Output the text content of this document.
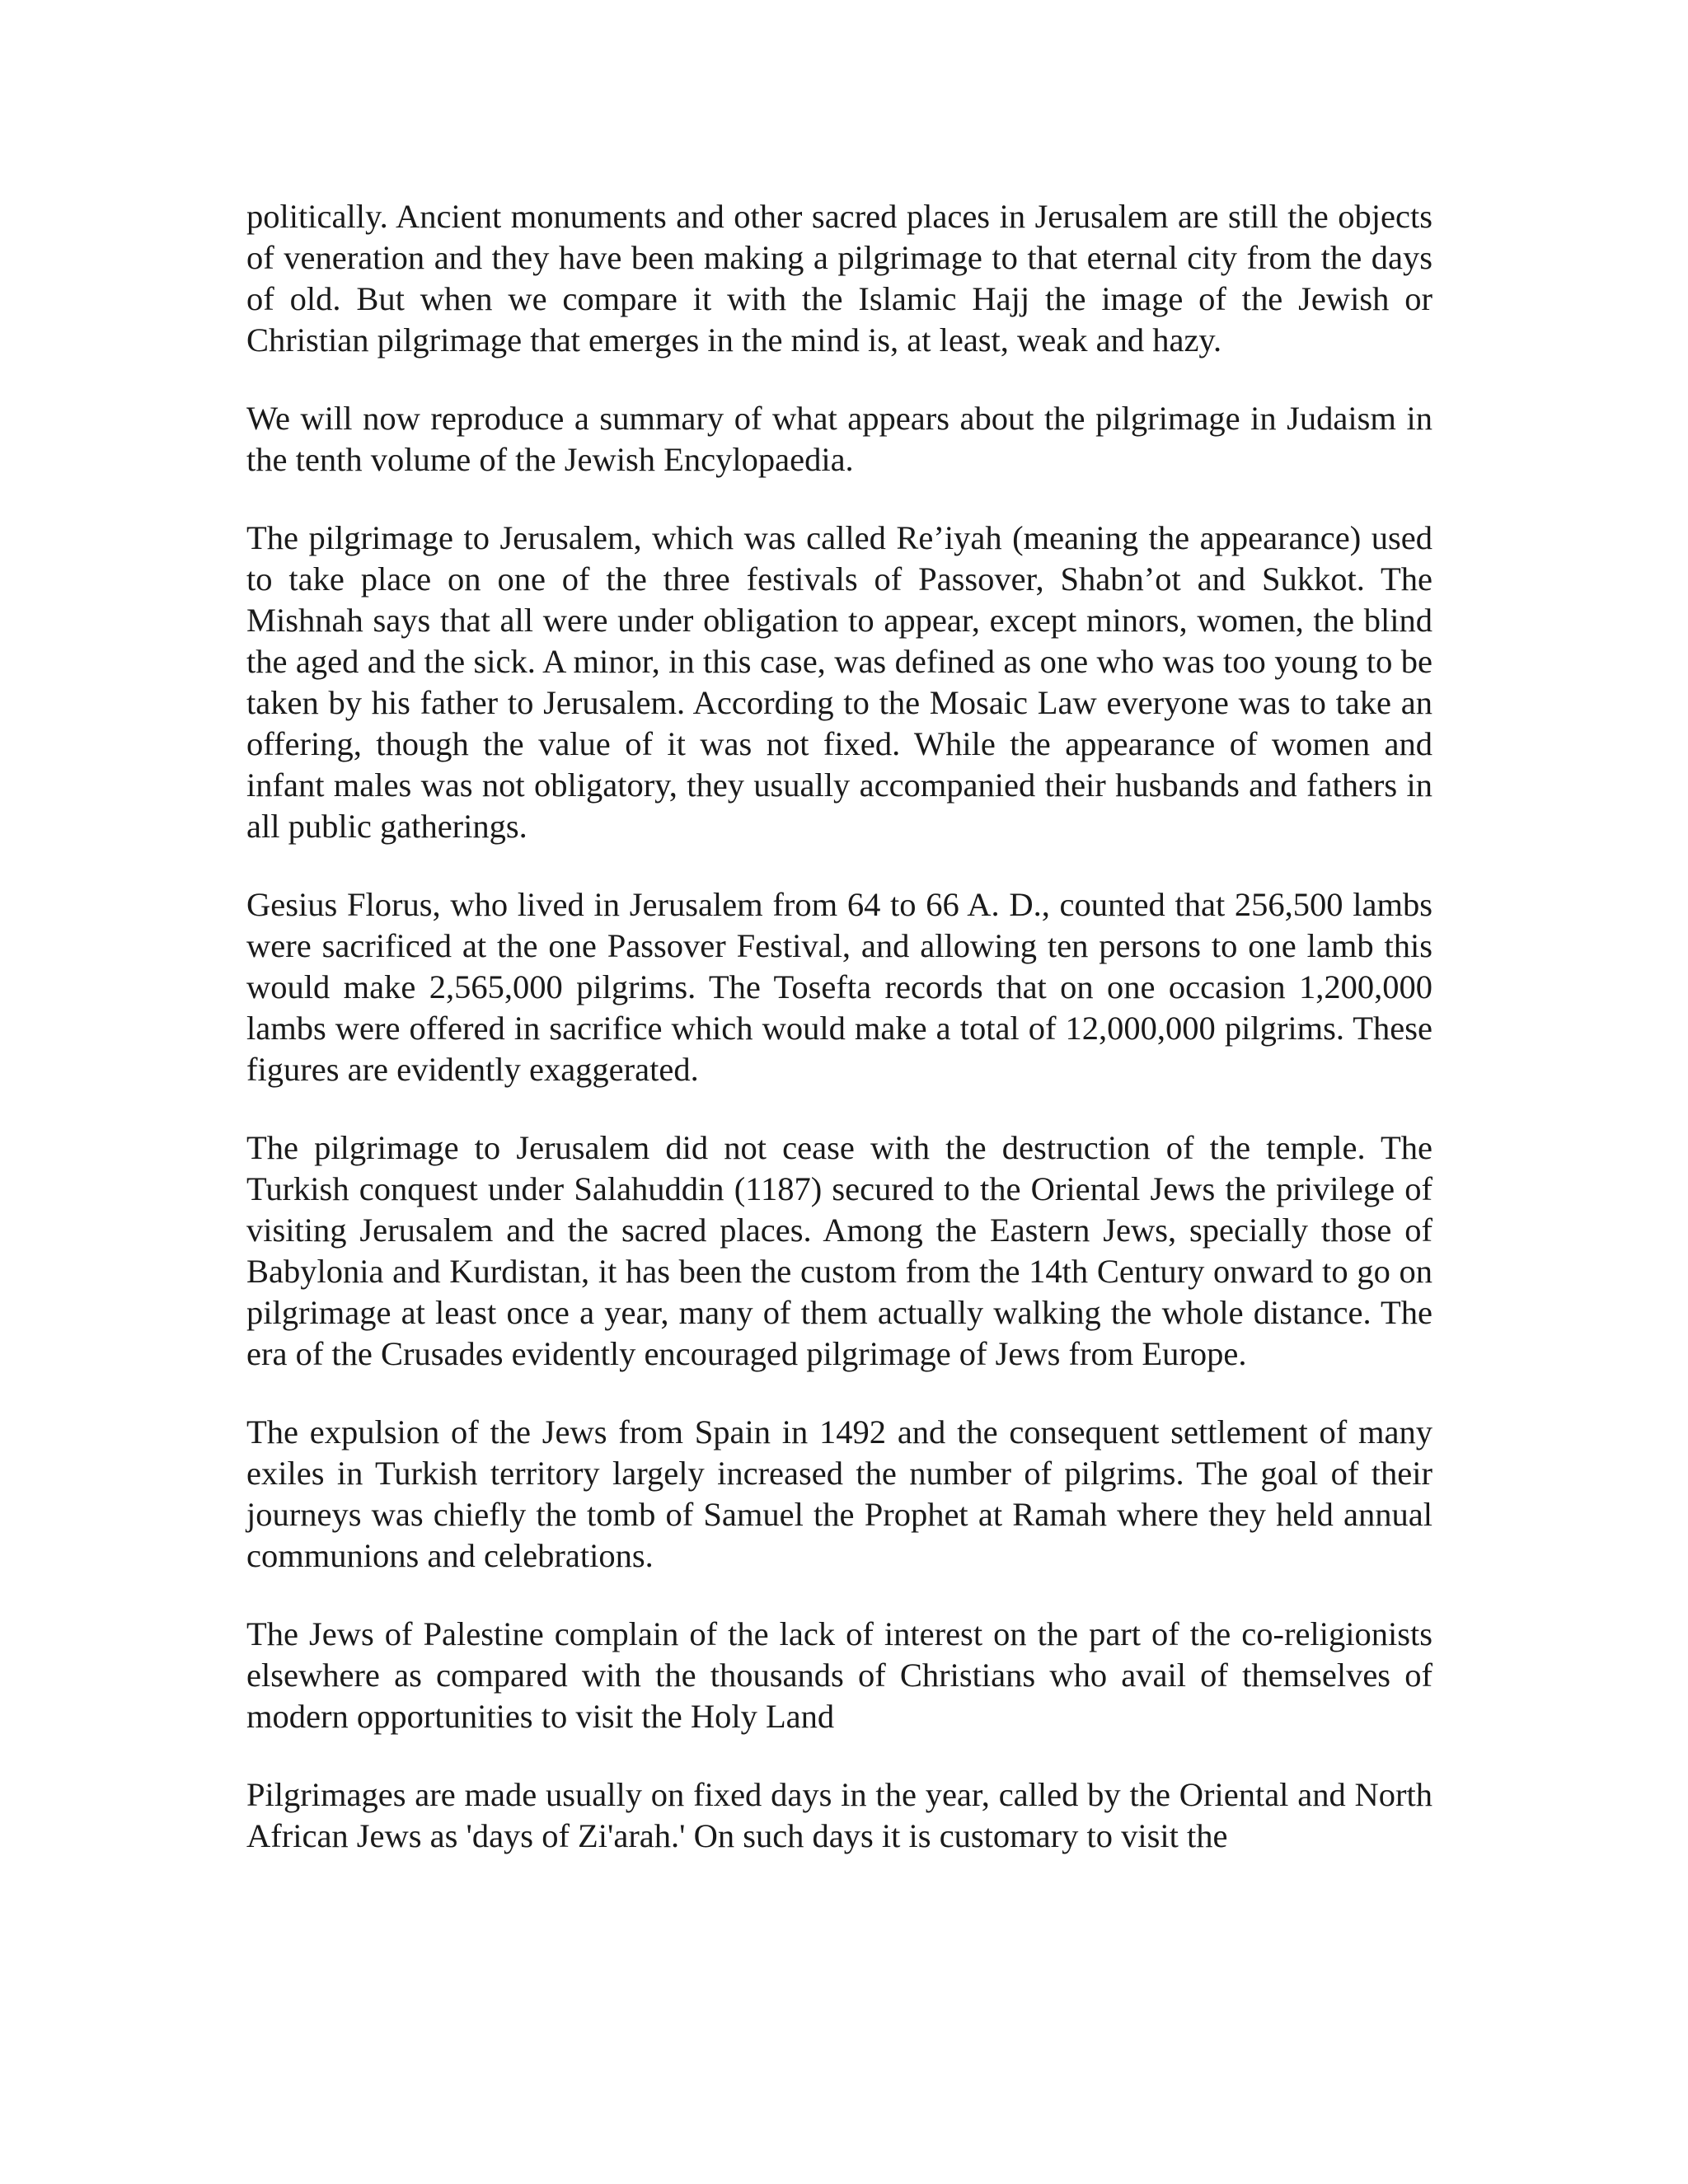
politically. Ancient monuments and other sacred places in Jerusalem are still the objects of veneration and they have been making a pilgrimage to that eternal city from the days of old. But when we compare it with the Islamic Hajj the image of the Jewish or Christian pilgrimage that emerges in the mind is, at least, weak and hazy.

We will now reproduce a summary of what appears about the pilgrimage in Judaism in the tenth volume of the Jewish Encylopaedia.

The pilgrimage to Jerusalem, which was called Re’iyah (meaning the appearance) used to take place on one of the three festivals of Passover, Shabn’ot and Sukkot. The Mishnah says that all were under obligation to appear, except minors, women, the blind the aged and the sick. A minor, in this case, was defined as one who was too young to be taken by his father to Jerusalem. According to the Mosaic Law everyone was to take an offering, though the value of it was not fixed. While the appearance of women and infant males was not obligatory, they usually accompanied their husbands and fathers in all public gatherings.

Gesius Florus, who lived in Jerusalem from 64 to 66 A. D., counted that 256,500 lambs were sacrificed at the one Passover Festival, and allowing ten persons to one lamb this would make 2,565,000 pilgrims. The Tosefta records that on one occasion 1,200,000 lambs were offered in sacrifice which would make a total of 12,000,000 pilgrims. These figures are evidently exaggerated.

The pilgrimage to Jerusalem did not cease with the destruction of the temple. The Turkish conquest under Salahuddin (1187) secured to the Oriental Jews the privilege of visiting Jerusalem and the sacred places. Among the Eastern Jews, specially those of Babylonia and Kurdistan, it has been the custom from the 14th Century onward to go on pilgrimage at least once a year, many of them actually walking the whole distance. The era of the Crusades evidently encouraged pilgrimage of Jews from Europe.

The expulsion of the Jews from Spain in 1492 and the consequent settlement of many exiles in Turkish territory largely increased the number of pilgrims. The goal of their journeys was chiefly the tomb of Samuel the Prophet at Ramah where they held annual communions and celebrations.

The Jews of Palestine complain of the lack of interest on the part of the co-religionists elsewhere as compared with the thousands of Christians who avail of themselves of modern opportunities to visit the Holy Land

Pilgrimages are made usually on fixed days in the year, called by the Oriental and North African Jews as 'days of Zi'arah.' On such days it is customary to visit the
